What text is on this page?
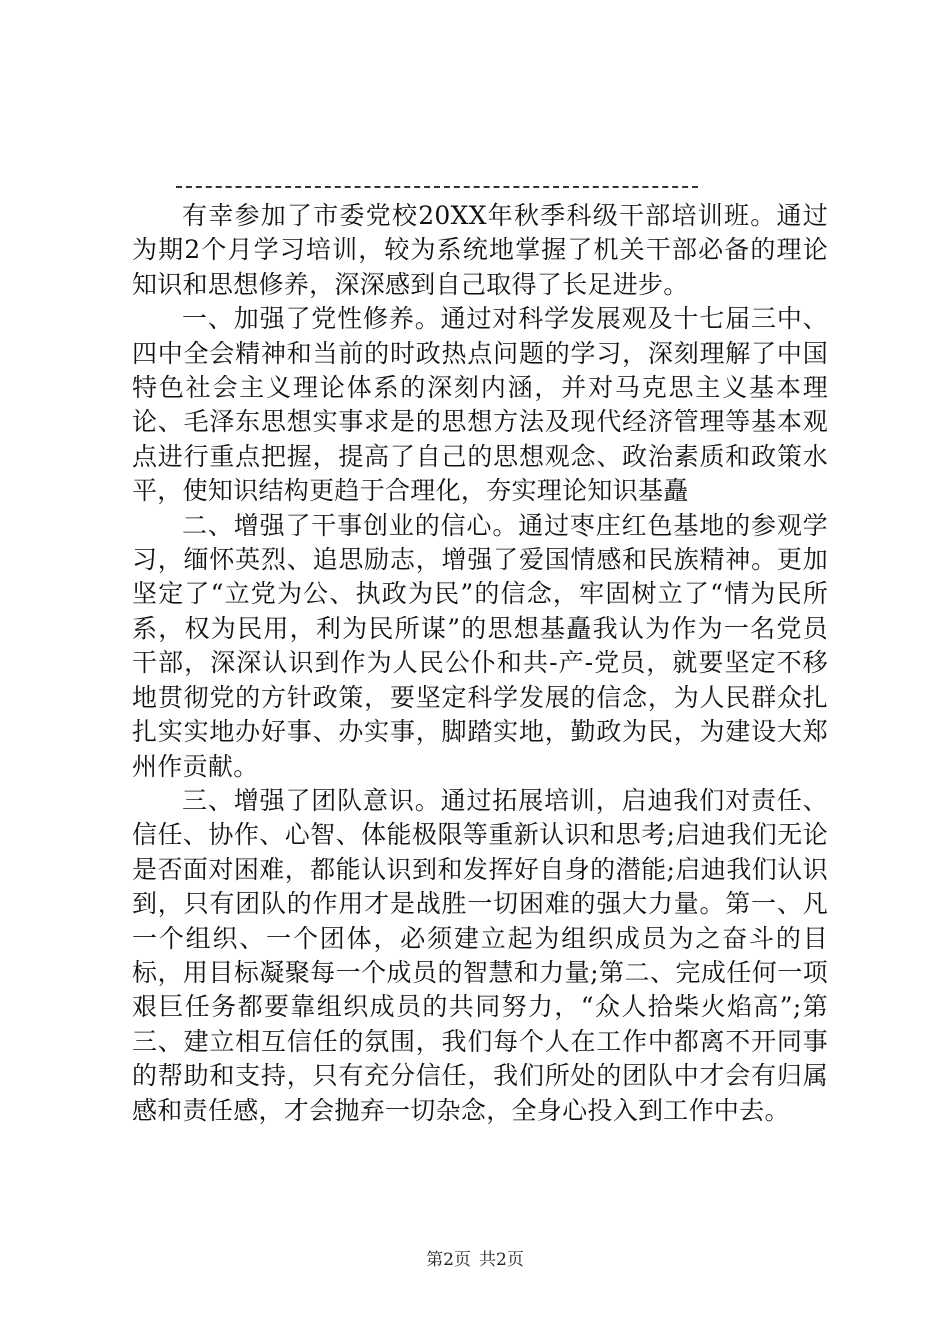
有幸参加了市委党校20XX年秋季科级干部培训班。通过为期2个月学习培训，较为系统地掌握了机关干部必备的理论知识和思想修养，深深感到自己取得了长足进步。

一、加强了党性修养。通过对科学发展观及十七届三中、四中全会精神和当前的时政热点问题的学习，深刻理解了中国特色社会主义理论体系的深刻内涵，并对马克思主义基本理论、毛泽东思想实事求是的思想方法及现代经济管理等基本观点进行重点把握，提高了自己的思想观念、政治素质和政策水平，使知识结构更趋于合理化，夯实理论知识基矗

二、增强了干事创业的信心。通过枣庄红色基地的参观学习，缅怀英烈、追思励志，增强了爱国情感和民族精神。更加坚定了“立党为公、执政为民”的信念，牢固树立了“情为民所系，权为民用，利为民所谋”的思想基矗我认为作为一名党员干部，深深认识到作为人民公仆和共-产-党员，就要坚定不移地贯彻党的方针政策，要坚定科学发展的信念，为人民群众扎扎实实地办好事、办实事，脚踏实地，勤政为民，为建设大郑州作贡献。

三、增强了团队意识。通过拓展培训，启迪我们对责任、信任、协作、心智、体能极限等重新认识和思考;启迪我们无论是否面对困难，都能认识到和发挥好自身的潜能;启迪我们认识到，只有团队的作用才是战胜一切困难的强大力量。第一、凡一个组织、一个团体，必须建立起为组织成员为之奋斗的目标，用目标凝聚每一个成员的智慧和力量;第二、完成任何一项艰巨任务都要靠组织成员的共同努力，“众人拾柴火焰高”;第三、建立相互信任的氛围，我们每个人在工作中都离不开同事的帮助和支持，只有充分信任，我们所处的团队中才会有归属感和责任感，才会抛弃一切杂念，全身心投入到工作中去。

第2页 共2页
